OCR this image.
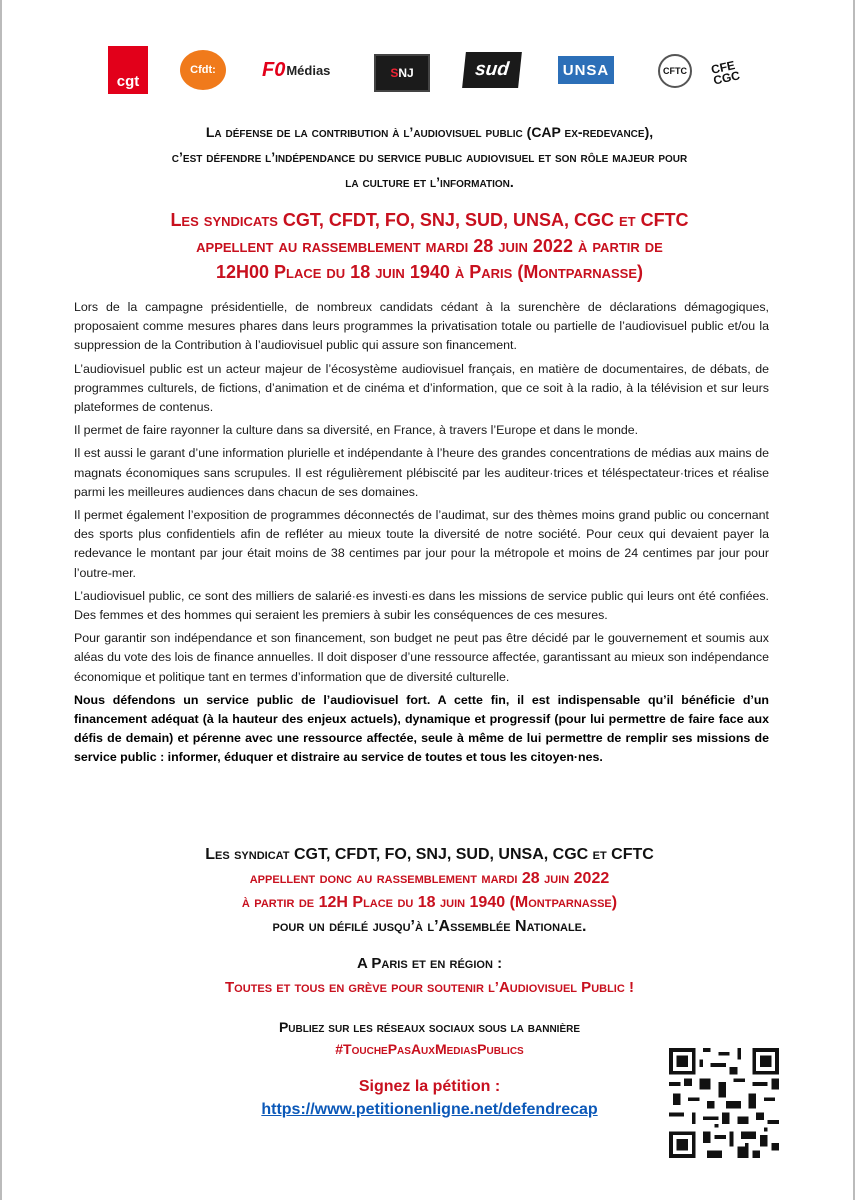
cgt
Cfdt: F0 Médias	S NJ	sud	UNSA	CFTC CFE CGC
La défense de la contribution à l’audiovisuel public (CAP ex-redevance),
c’est défendre l’indépendance du service public audiovisuel et son rôle majeur pour
la culture et l’information.
Les syndicats CGT, CFDT, FO, SNJ, SUD, UNSA, CGC et CFTC
appellent au rassemblement mardi 28 juin 2022 à partir de
12H00 Place du 18 juin 1940 à Paris (Montparnasse)

Lors de la campagne présidentielle, de nombreux candidats cédant à la surenchère de déclarations démagogiques, proposaient comme mesures phares dans leurs programmes la privatisation totale ou partielle de l’audiovisuel public et/ou la suppression de la Contribution à l’audiovisuel public qui assure son financement.

L’audiovisuel public est un acteur majeur de l’écosystème audiovisuel français, en matière de documentaires, de débats, de programmes culturels, de fictions, d’animation et de cinéma et d’information, que ce soit à la radio, à la télévision et sur leurs plateformes de contenus.

Il permet de faire rayonner la culture dans sa diversité, en France, à travers l’Europe et dans le monde.

Il est aussi le garant d’une information plurielle et indépendante à l’heure des grandes concentrations de médias aux mains de magnats économiques sans scrupules. Il est régulièrement plébiscité par les auditeur·trices et téléspectateur·trices et réalise parmi les meilleures audiences dans chacun de ses domaines.

Il permet également l’exposition de programmes déconnectés de l’audimat, sur des thèmes moins grand public ou concernant des sports plus confidentiels afin de refléter au mieux toute la diversité de notre société. Pour ceux qui devaient payer la redevance le montant par jour était moins de 38 centimes par jour pour la métropole et moins de 24 centimes par jour pour l’outre-mer.

L’audiovisuel public, ce sont des milliers de salarié·es investi·es dans les missions de service public qui leurs ont été confiées. Des femmes et des hommes qui seraient les premiers à subir les conséquences de ces mesures.

Pour garantir son indépendance et son financement, son budget ne peut pas être décidé par le gouvernement et soumis aux aléas du vote des lois de finance annuelles. Il doit disposer d’une ressource affectée, garantissant au mieux son indépendance économique et politique tant en termes d’information que de diversité culturelle.

Nous défendons un service public de l’audiovisuel fort. A cette fin, il est indispensable qu’il bénéficie d’un financement adéquat (à la hauteur des enjeux actuels), dynamique et progressif (pour lui permettre de faire face aux défis de demain) et pérenne avec une ressource affectée, seule à même de lui permettre de remplir ses missions de service public : informer, éduquer et distraire au service de toutes et tous les citoyen·nes.

Les syndicat CGT, CFDT, FO, SNJ, SUD, UNSA, CGC et CFTC
appellent donc au rassemblement mardi 28 juin 2022
à partir de 12H Place du 18 juin 1940 (Montparnasse)
pour un défilé jusqu’à l’Assemblée Nationale.
A Paris et en région :
Toutes et tous en grève pour soutenir l’Audiovisuel Public !
Publiez sur les réseaux sociaux sous la bannière
#TouchePasAuxMediasPublics
Signez la pétition :
https://www.petitionenligne.net/defendrecap
